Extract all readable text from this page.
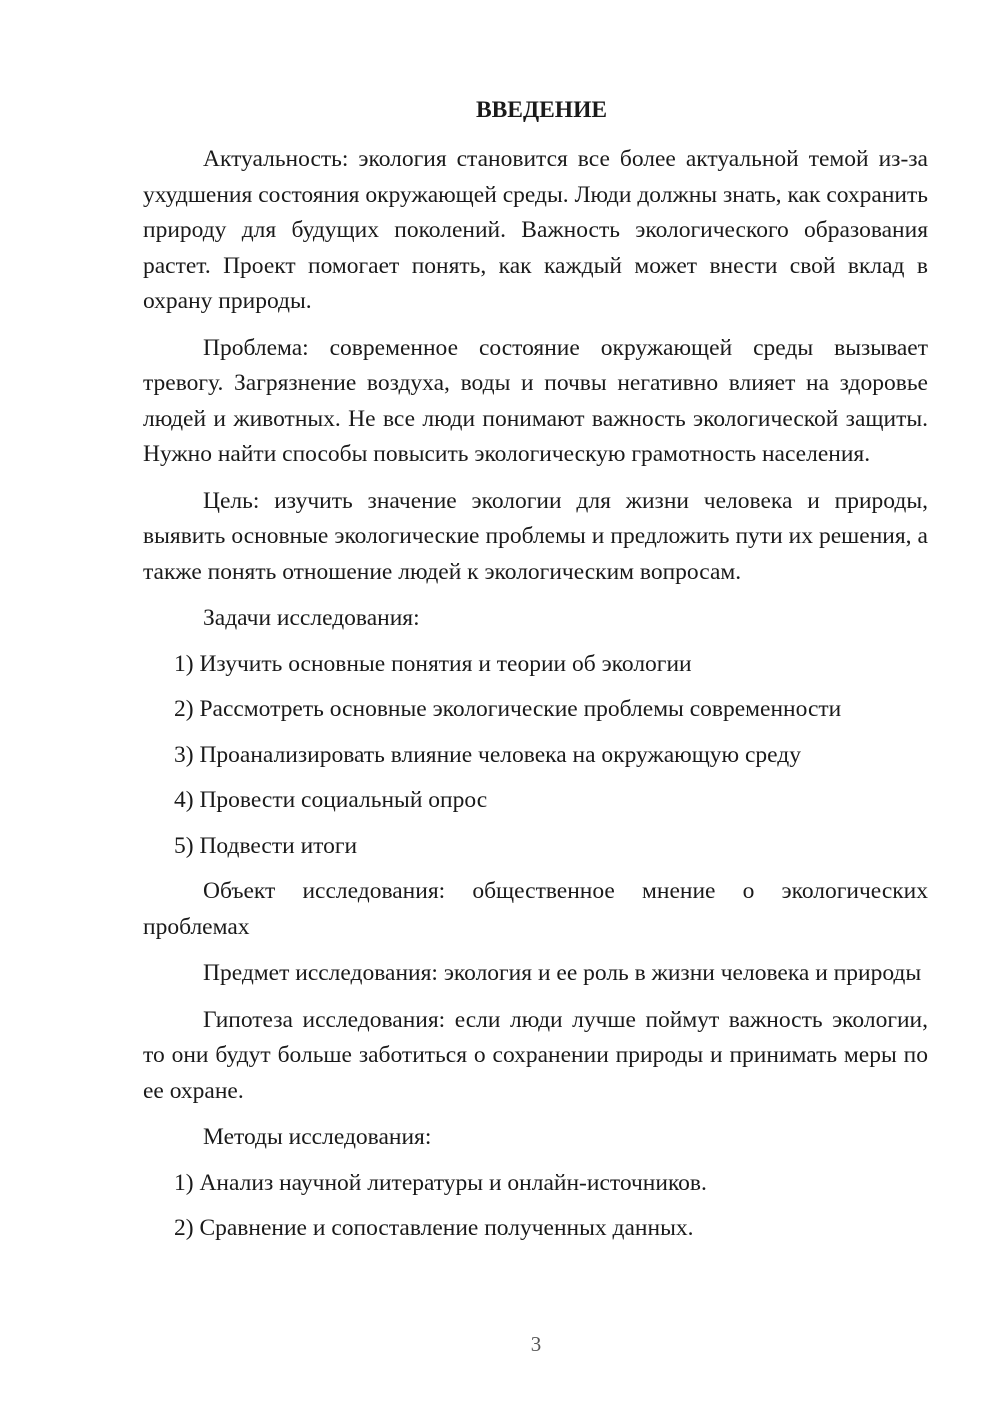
ВВЕДЕНИЕ

Актуальность: экология становится все более актуальной темой из-за ухудшения состояния окружающей среды. Люди должны знать, как сохранить природу для будущих поколений. Важность экологического образования растет. Проект помогает понять, как каждый может внести свой вклад в охрану природы.

Проблема: современное состояние окружающей среды вызывает тревогу. Загрязнение воздуха, воды и почвы негативно влияет на здоровье людей и животных. Не все люди понимают важность экологической защиты. Нужно найти способы повысить экологическую грамотность населения.

Цель: изучить значение экологии для жизни человека и природы, выявить основные экологические проблемы и предложить пути их решения, а также понять отношение людей к экологическим вопросам.

Задачи исследования:

1) Изучить основные понятия и теории об экологии
2) Рассмотреть основные экологические проблемы современности
3) Проанализировать влияние человека на окружающую среду
4) Провести социальный опрос
5) Подвести итоги

Объект исследования: общественное мнение о экологических проблемах

Предмет исследования: экология и ее роль в жизни человека и природы

Гипотеза исследования: если люди лучше поймут важность экологии, то они будут больше заботиться о сохранении природы и принимать меры по ее охране.

Методы исследования:

1) Анализ научной литературы и онлайн-источников.
2) Сравнение и сопоставление полученных данных.
3
